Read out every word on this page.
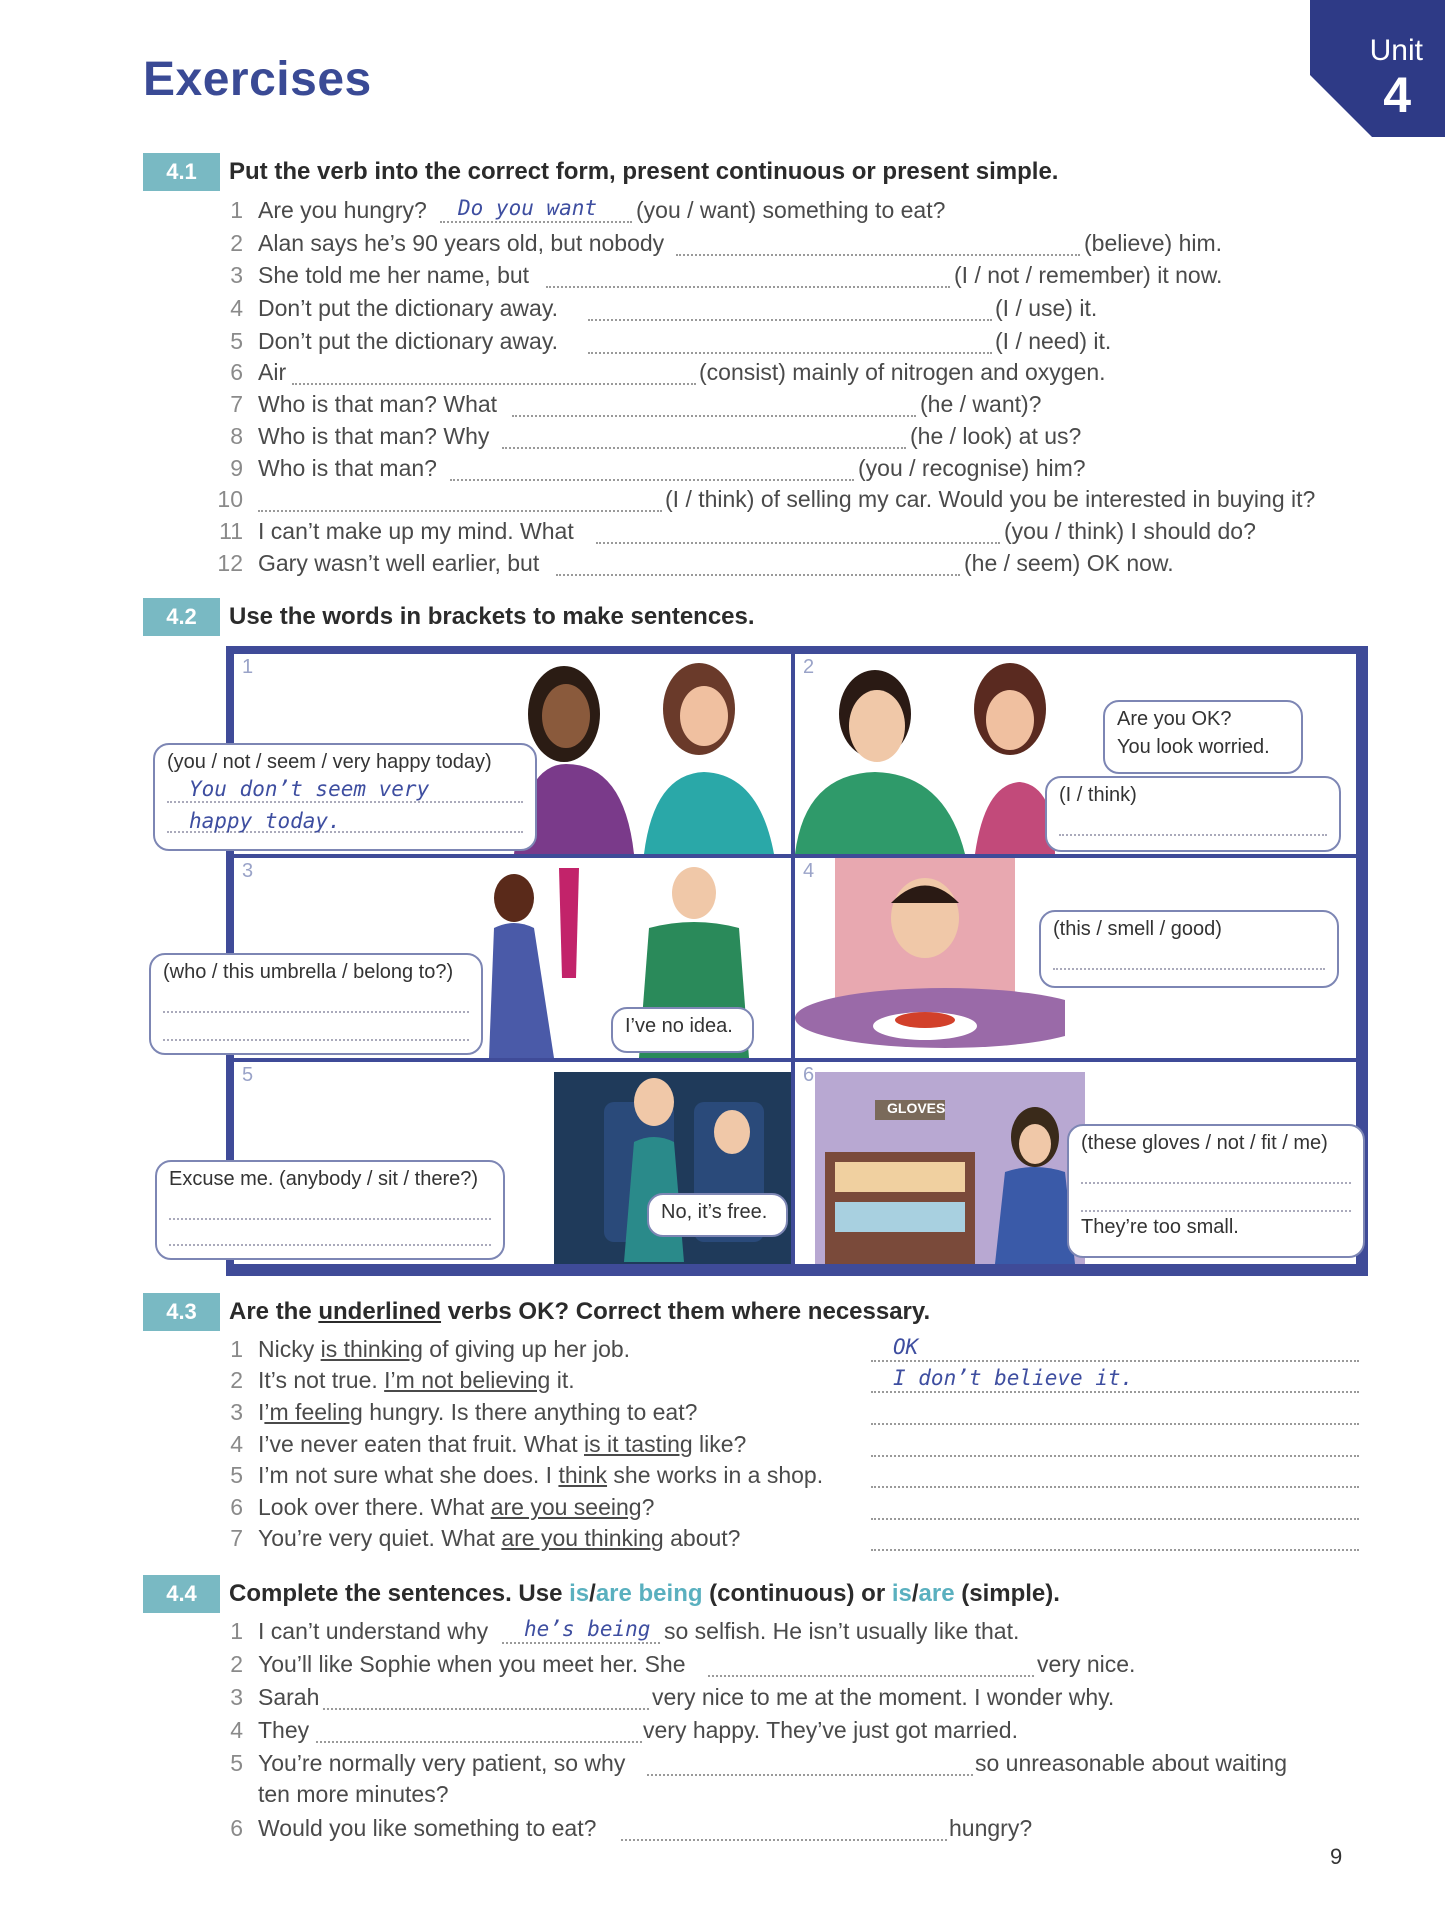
Exercises
Unit
4
4.1	Put the verb into the correct form, present continuous or present simple.
1 Are you hungry? Do you want (you / want) something to eat?
2 Alan says he’s 90 years old, but nobody	(believe) him.
3 She told me her name, but	(I / not / remember) it now.
4 Don’t put the dictionary away.	(I / use) it.
5 Don’t put the dictionary away.	(I / need) it.
6 Air	(consist) mainly of nitrogen and oxygen.
7 Who is that man? What	(he / want)?
8 Who is that man? Why	(he / look) at us?
9 Who is that man?	(you / recognise) him?
10	(I / think) of selling my car. Would you be interested in buying it?
11 I can’t make up my mind. What	(you / think) I should do?
12 Gary wasn’t well earlier, but	(he / seem) OK now.
4.2	Use the words in brackets to make sentences.
1	2
3	4
5	6
GLOVES
(you / not / seem / very happy today)
You don’t seem very
happy today.
Are you OK?
You look worried.
(I / think)
(who / this umbrella / belong to?)
I’ve no idea.
(this / smell / good)
Excuse me. (anybody / sit / there?)
No, it’s free.
(these gloves / not / fit / me)
They’re too small.
4.3	Are the underlined verbs OK? Correct them where necessary.
1 Nicky is thinking of giving up her job.	OK
2 It’s not true. I’m not believing it.	I don’t believe it.
3 I’m feeling hungry. Is there anything to eat?
4 I’ve never eaten that fruit. What is it tasting like?
5 I’m not sure what she does. I think she works in a shop.
6 Look over there. What are you seeing?
7 You’re very quiet. What are you thinking about?
4.4	Complete the sentences. Use is/are being (continuous) or is/are (simple).
1 I can’t understand why he’s being so selfish. He isn’t usually like that.
2 You’ll like Sophie when you meet her. She	very nice.
3 Sarah	very nice to me at the moment. I wonder why.
4 They	very happy. They’ve just got married.
5 You’re normally very patient, so why	so unreasonable about waiting
ten more minutes?
6 Would you like something to eat?	hungry?
9
